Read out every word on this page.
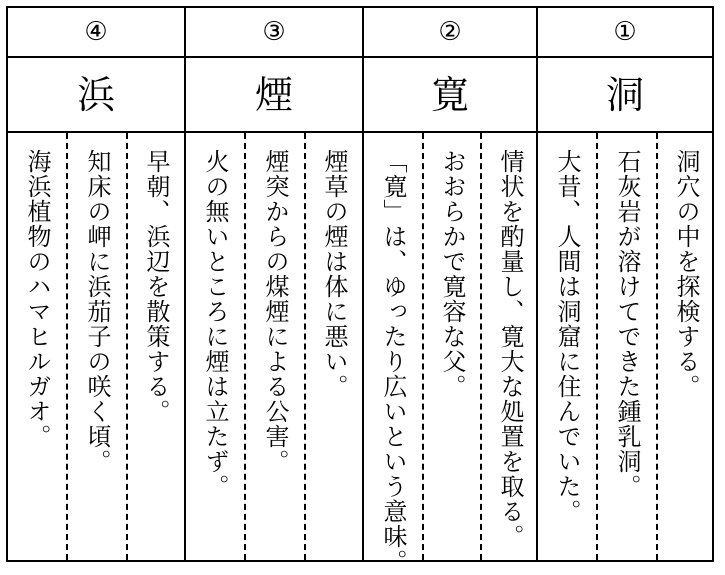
④
浜
海浜植物のハマヒルガオ。 知床の岬に浜茄子の咲く頃。 早朝、浜辺を散策する。
③
煙
火の無いところに煙は立たず。 煙突からの煤煙による公害。 煙草の煙は体に悪い。
②
寛
「寛」は、ゆったり広いという意味。 おおらかで寛容な父。 情状を酌量し、寛大な処置を取る。
①
洞
大昔、人間は洞窟に住んでいた。 石灰岩が溶けてできた鍾乳洞。 洞穴の中を探検する。
